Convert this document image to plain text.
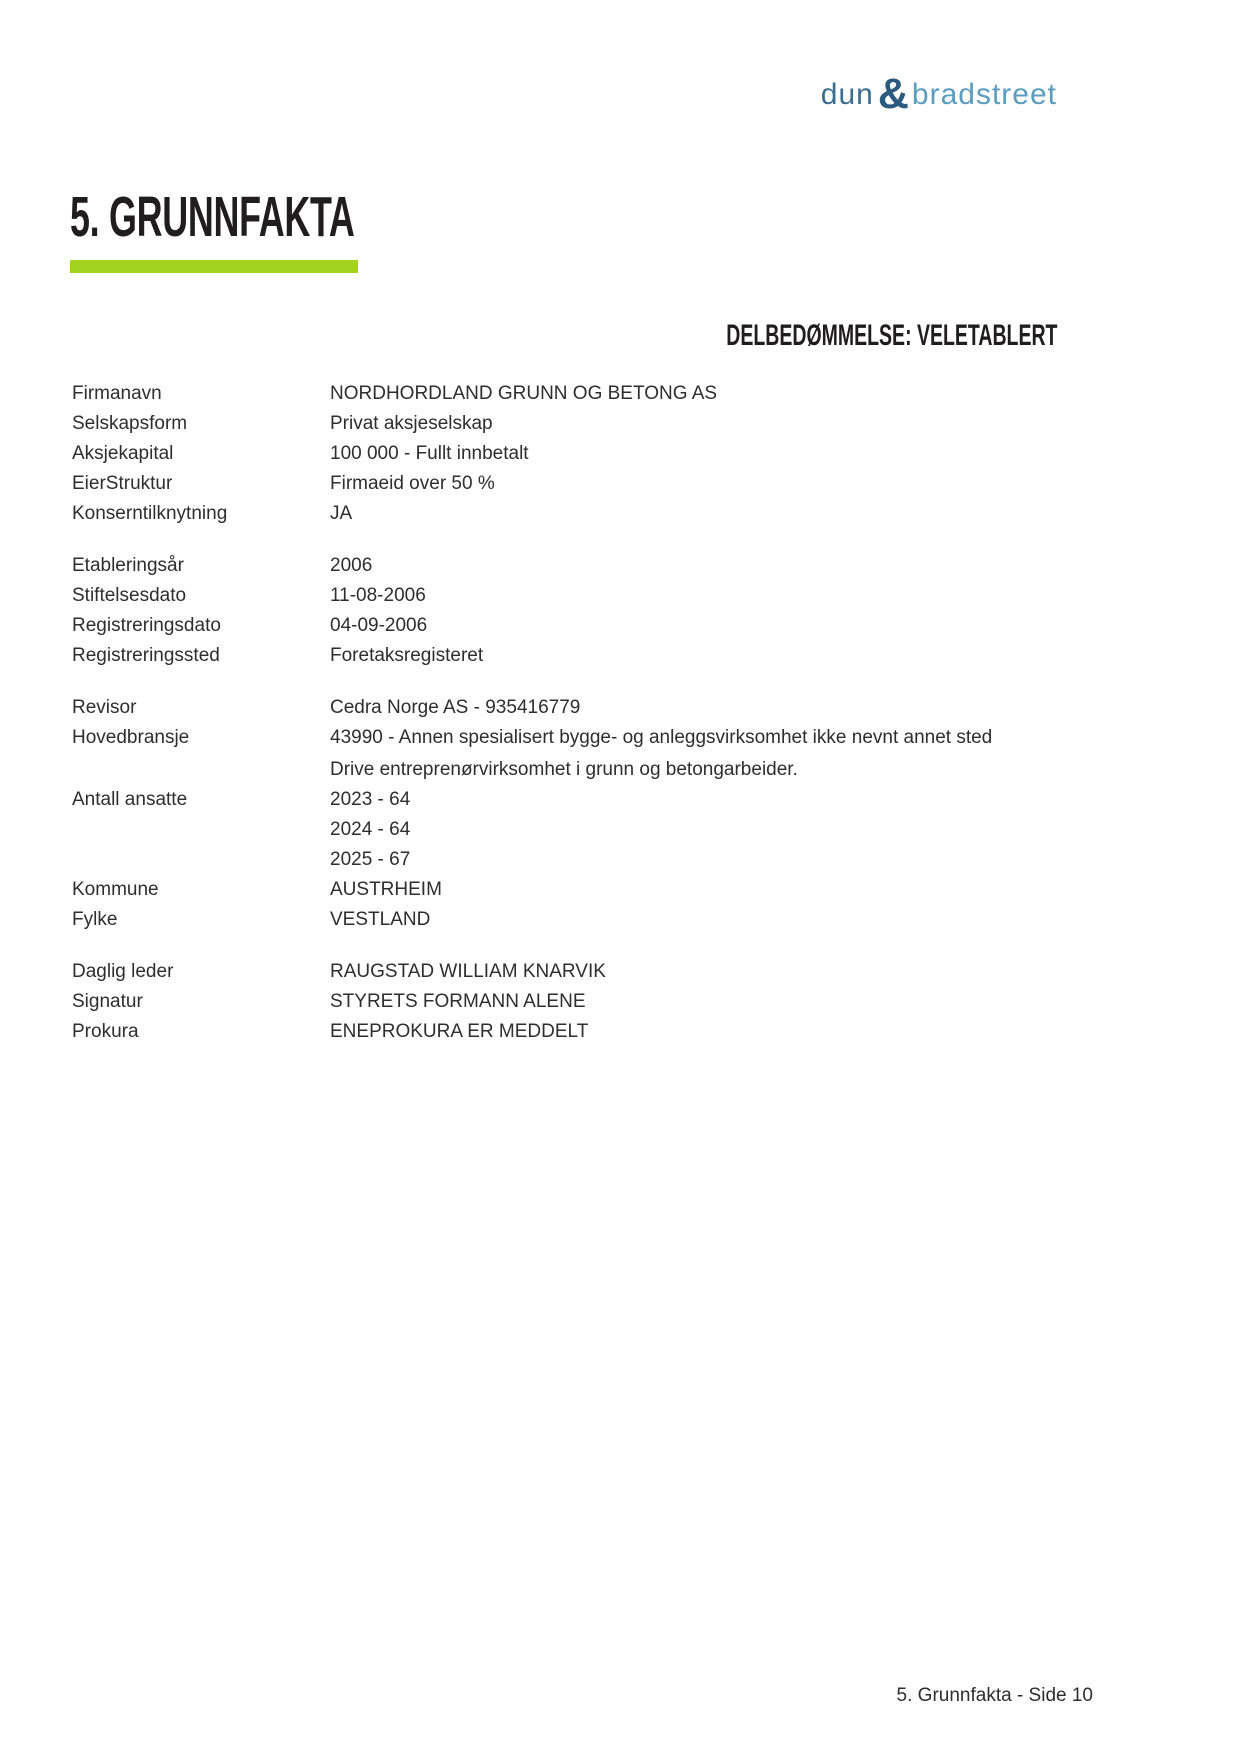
dun&bradstreet
5. GRUNNFAKTA
DELBEDØMMELSE: VELETABLERT
Firmanavn	NORDHORDLAND GRUNN OG BETONG AS
Selskapsform	Privat aksjeselskap
Aksjekapital	100 000 - Fullt innbetalt
EierStruktur	Firmaeid over 50 %
Konserntilknytning	JA
Etableringsår	2006
Stiftelsesdato	11-08-2006
Registreringsdato	04-09-2006
Registreringssted	Foretaksregisteret
Revisor	Cedra Norge AS - 935416779
Hovedbransje	43990 - Annen spesialisert bygge- og anleggsvirksomhet ikke nevnt annet sted
Drive entreprenørvirksomhet i grunn og betongarbeider.
Antall ansatte	2023 - 64
2024 - 64
2025 - 67
Kommune	AUSTRHEIM
Fylke	VESTLAND
Daglig leder	RAUGSTAD WILLIAM KNARVIK
Signatur	STYRETS FORMANN ALENE
Prokura	ENEPROKURA ER MEDDELT
5. Grunnfakta - Side 10
